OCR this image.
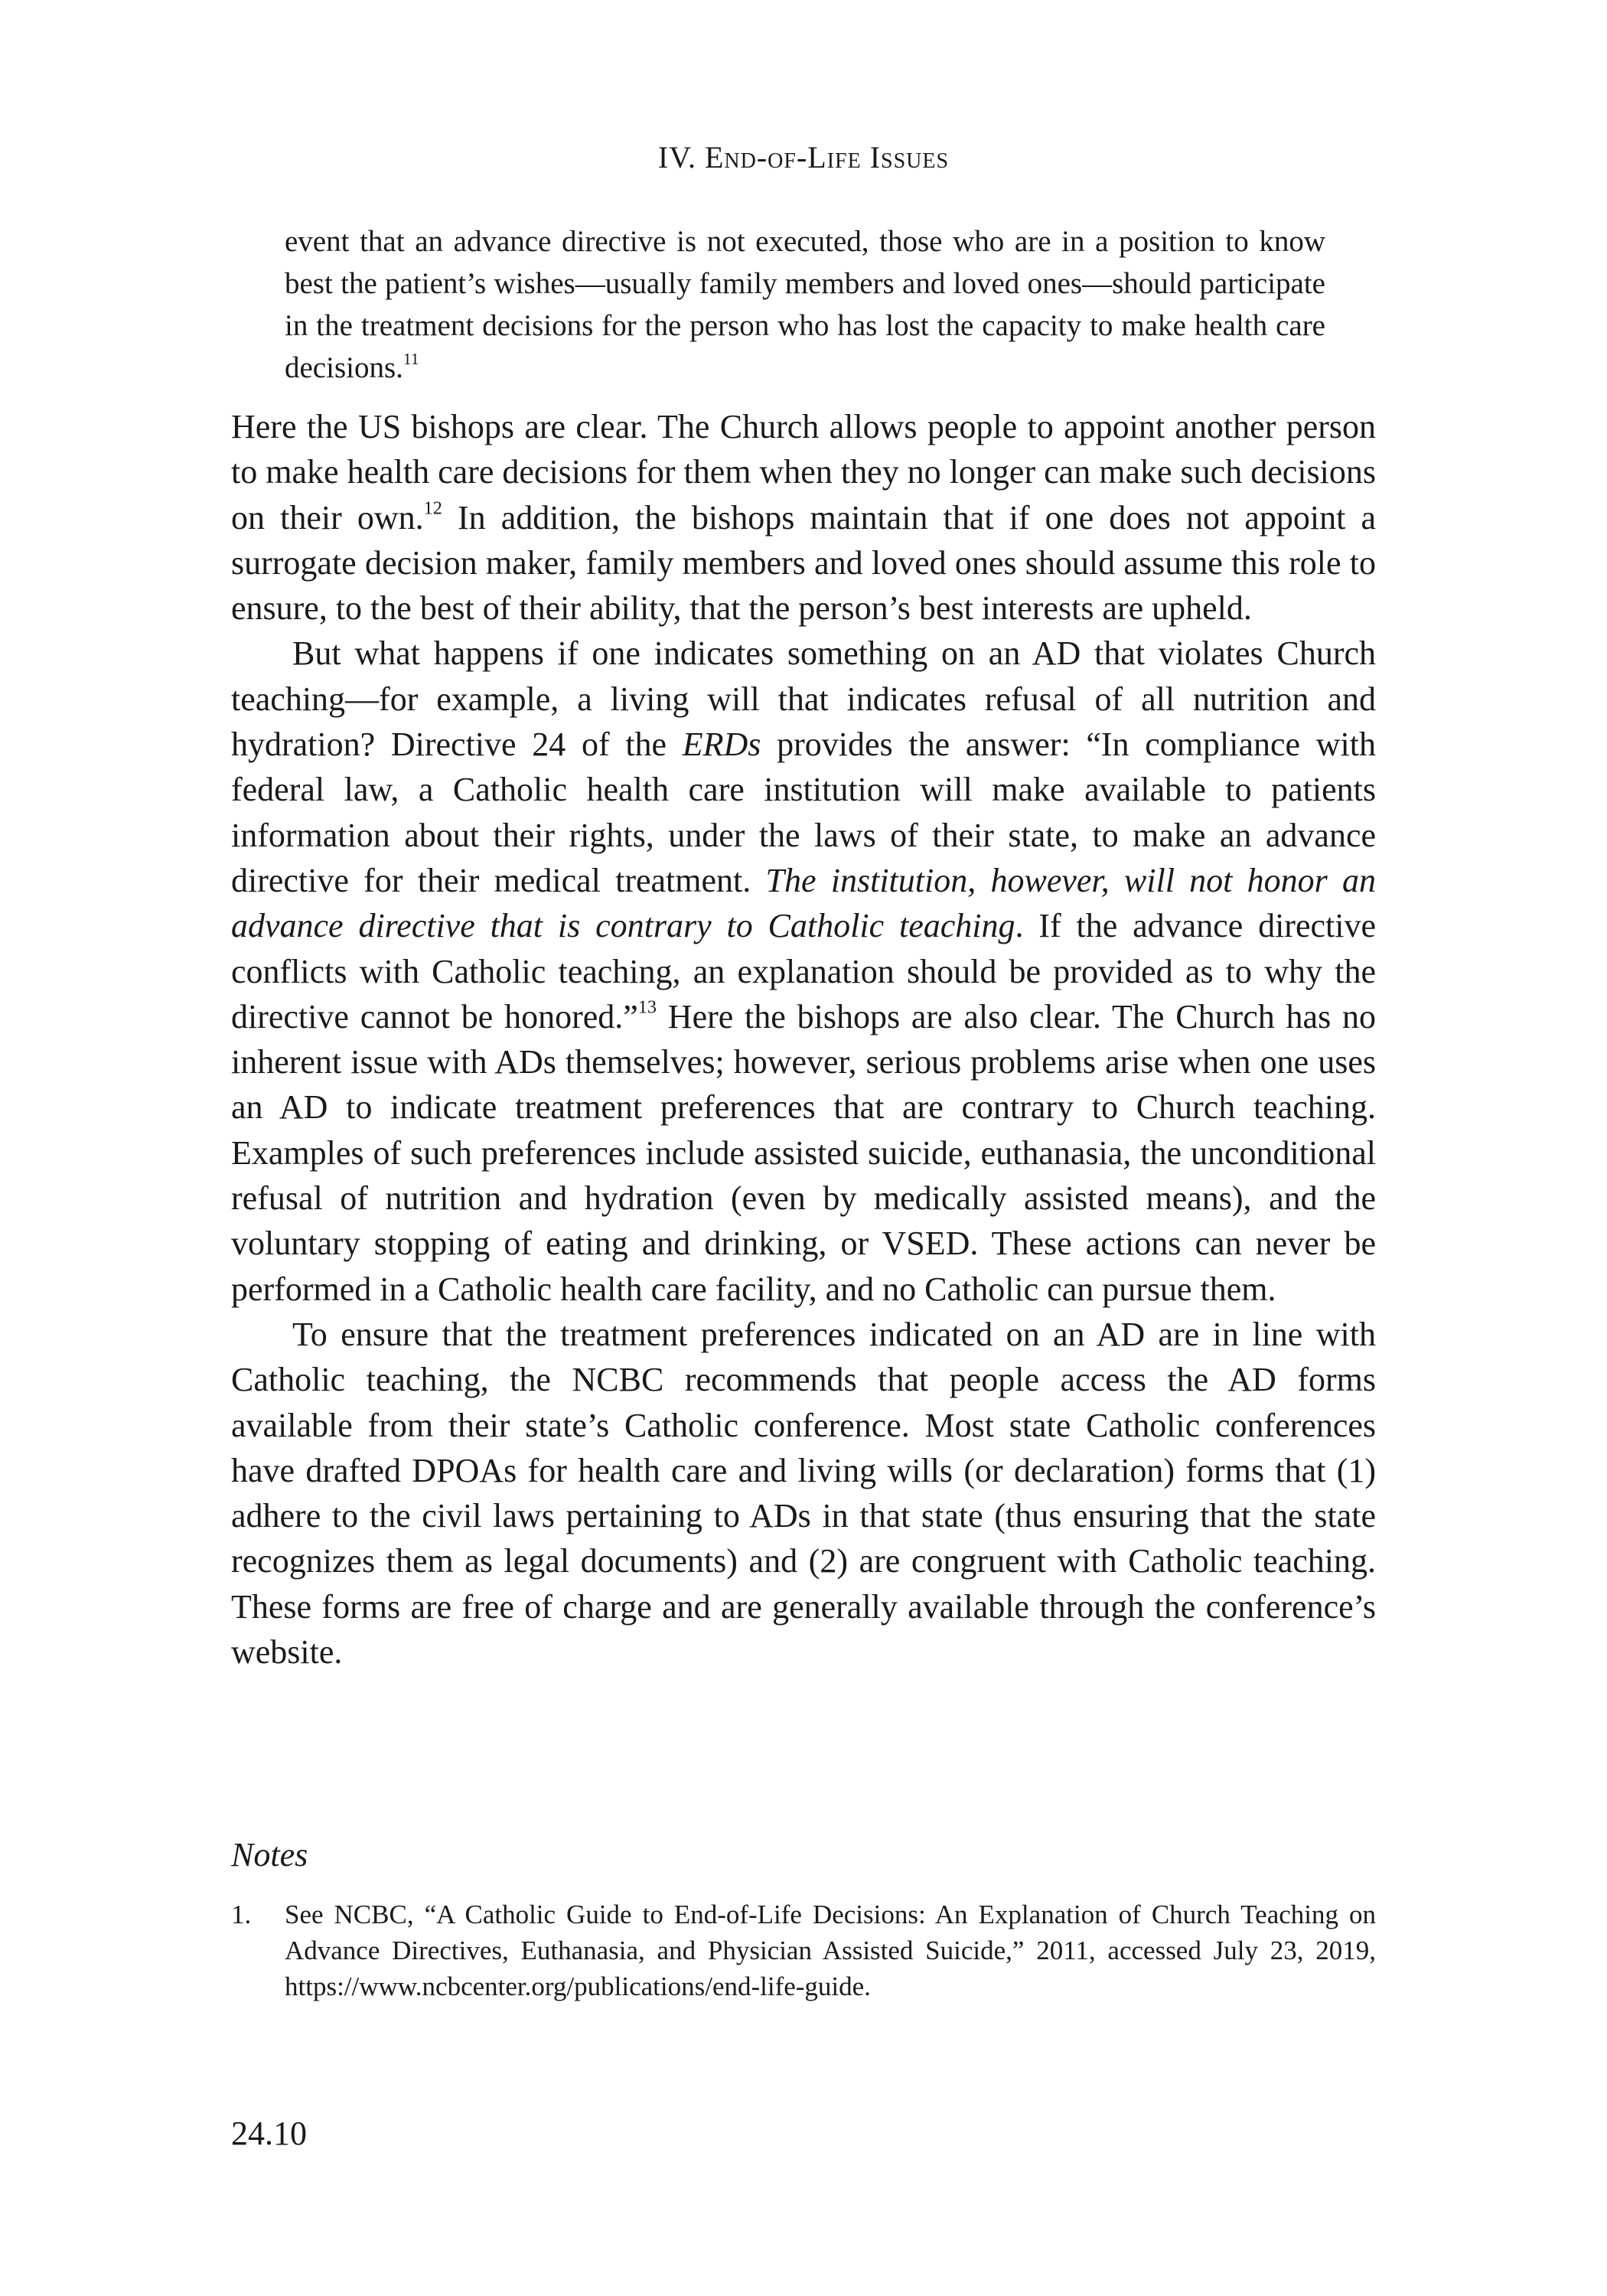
IV. End-of-Life Issues
event that an advance directive is not executed, those who are in a position to know best the patient’s wishes—usually family members and loved ones—should participate in the treatment decisions for the person who has lost the capacity to make health care decisions.$^{11}$

Here the US bishops are clear. The Church allows people to appoint another person to make health care decisions for them when they no longer can make such decisions on their own.$^{12}$ In addition, the bishops maintain that if one does not appoint a surrogate decision maker, family members and loved ones should assume this role to ensure, to the best of their ability, that the person’s best interests are upheld.

But what happens if one indicates something on an AD that violates Church teaching—for example, a living will that indicates refusal of all nutrition and hydration? Directive 24 of the ERDs provides the answer: “In compliance with federal law, a Catholic health care institution will make available to patients information about their rights, under the laws of their state, to make an advance directive for their medical treatment. The institution, however, will not honor an advance directive that is contrary to Catholic teaching. If the advance directive conflicts with Catholic teaching, an explanation should be provided as to why the directive cannot be honored.”$^{13}$ Here the bishops are also clear. The Church has no inherent issue with ADs themselves; however, serious problems arise when one uses an AD to indicate treatment preferences that are contrary to Church teaching. Examples of such preferences include assisted suicide, euthanasia, the unconditional refusal of nutrition and hydration (even by medically assisted means), and the voluntary stopping of eating and drinking, or VSED. These actions can never be performed in a Catholic health care facility, and no Catholic can pursue them.

To ensure that the treatment preferences indicated on an AD are in line with Catholic teaching, the NCBC recommends that people access the AD forms available from their state’s Catholic conference. Most state Catholic conferences have drafted DPOAs for health care and living wills (or declaration) forms that (1) adhere to the civil laws pertaining to ADs in that state (thus ensuring that the state recognizes them as legal documents) and (2) are congruent with Catholic teaching. These forms are free of charge and are generally available through the conference’s website.

Notes
1. See NCBC, “A Catholic Guide to End-of-Life Decisions: An Explanation of Church Teaching on Advance Directives, Euthanasia, and Physician Assisted Suicide,” 2011, accessed July 23, 2019, https://www.ncbcenter.org/publications/end-life-guide.
24.10
